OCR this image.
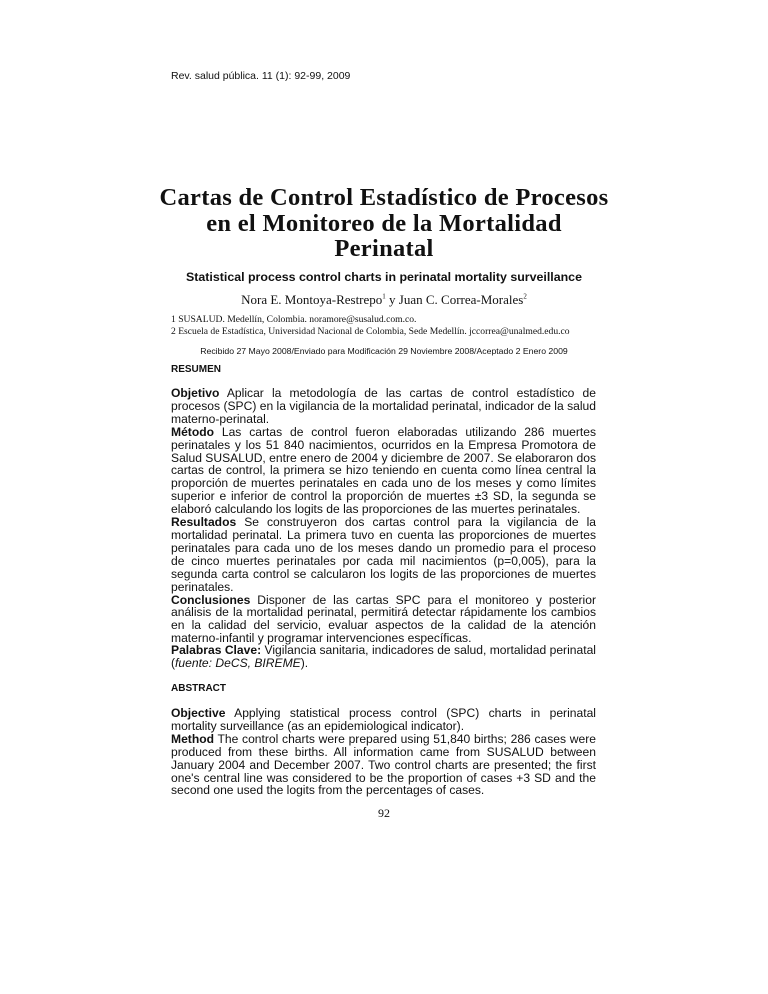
Rev. salud pública. 11 (1): 92-99, 2009
Cartas de Control Estadístico de Procesos
en el Monitoreo de la Mortalidad
Perinatal
Statistical process control charts in perinatal mortality surveillance
Nora E. Montoya-Restrepo$^1$ y Juan C. Correa-Morales$^2$
1 SUSALUD. Medellín, Colombia. noramore@susalud.com.co.
2 Escuela de Estadística, Universidad Nacional de Colombia, Sede Medellín. jccorrea@unalmed.edu.co
Recibido 27 Mayo 2008/Enviado para Modificación 29 Noviembre 2008/Aceptado 2 Enero 2009
RESUMEN

Objetivo Aplicar la metodología de las cartas de control estadístico de procesos (SPC) en la vigilancia de la mortalidad perinatal, indicador de la salud materno-perinatal.

Método Las cartas de control fueron elaboradas utilizando 286 muertes perinatales y los 51 840 nacimientos, ocurridos en la Empresa Promotora de Salud SUSALUD, entre enero de 2004 y diciembre de 2007. Se elaboraron dos cartas de control, la primera se hizo teniendo en cuenta como línea central la proporción de muertes perinatales en cada uno de los meses y como límites superior e inferior de control la proporción de muertes ±3 SD, la segunda se elaboró calculando los logits de las proporciones de las muertes perinatales.

Resultados Se construyeron dos cartas control para la vigilancia de la mortalidad perinatal. La primera tuvo en cuenta las proporciones de muertes perinatales para cada uno de los meses dando un promedio para el proceso de cinco muertes perinatales por cada mil nacimientos (p=0,005), para la segunda carta control se calcularon los logits de las proporciones de muertes perinatales.

Conclusiones Disponer de las cartas SPC para el monitoreo y posterior análisis de la mortalidad perinatal, permitirá detectar rápidamente los cambios en la calidad del servicio, evaluar aspectos de la calidad de la atención materno-infantil y programar intervenciones específicas.

Palabras Clave: Vigilancia sanitaria, indicadores de salud, mortalidad perinatal (fuente: DeCS, BIREME).

ABSTRACT

Objective Applying statistical process control (SPC) charts in perinatal mortality surveillance (as an epidemiological indicator).

Method The control charts were prepared using 51,840 births; 286 cases were produced from these births. All information came from SUSALUD between January 2004 and December 2007. Two control charts are presented; the first one's central line was considered to be the proportion of cases +3 SD and the second one used the logits from the percentages of cases.

92
